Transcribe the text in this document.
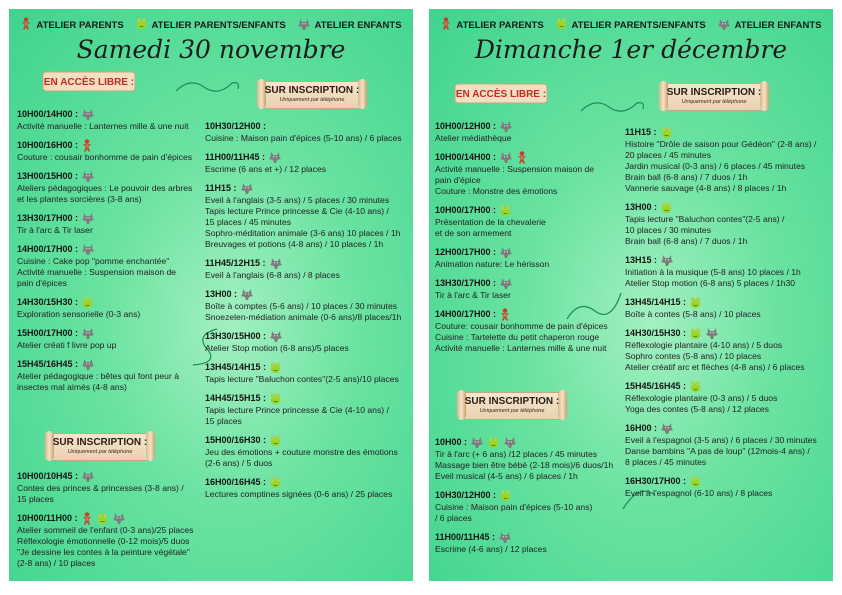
ATELIER PARENTS	ATELIER PARENTS/ENFANTS	ATELIER ENFANTS
Samedi 30 novembre
EN ACCÈS LIBRE :
SUR INSCRIPTION :
Uniquement par téléphone
SUR INSCRIPTION :
Uniquement par téléphone
10H00/14H00 :
Activité manuelle : Lanternes mille & une nuit
10H00/16H00 :
Couture : cousair bonhomme de pain d'épices
13H00/15H00 :
Ateliers pédagogiques : Le pouvoir des arbres
et les plantes sorcières (3-8 ans)
13H30/17H00 :
Tir à l'arc & Tir laser
14H00/17H00 :
Cuisine : Cake pop "pomme enchantée"
Activité manuelle : Suspension maison de
pain d'épices
14H30/15H30 :
Exploration sensorielle (0-3 ans)
15H00/17H00 :
Atelier créati f livre pop up
15H45/16H45 :
Atelier pédagogique : bêtes qui font peur à
insectes mal aimés (4-8 ans)
10H00/10H45 :
Contes des princes & princesses (3-8 ans) /
15 places
10H00/11H00 :
Atelier sommeil de l'enfant (0-3 ans)/25 places
Réflexologie émotionnelle (0-12 mois)/5 duos
"Je dessine les contes à la peinture végétale"
(2-8 ans) / 10 places
10H30/12H00 :
Cuisine : Maison pain d'épices (5-10 ans) / 6 places
11H00/11H45 :
Escrime (6 ans et +) / 12 places
11H15 :
Eveil à l'anglais (3-5 ans) / 5 places / 30 minutes
Tapis lecture Prince princesse & Cie (4-10 ans) /
15 places / 45 minutes
Sophro-méditation animale (3-6 ans) 10 places / 1h
Breuvages et potions (4-8 ans) / 10 places / 1h
11H45/12H15 :
Eveil à l'anglais (6-8 ans) / 8 places
13H00 :
Boîte à comptes (5-6 ans) / 10 places / 30 minutes
Snoezelen-médiation animale (0-6 ans)/8 places/1h
13H30/15H00 :
Atelier Stop motion (6-8 ans)/5 places
13H45/14H15 :
Tapis lecture "Baluchon contes"(2-5 ans)/10 places
14H45/15H15 :
Tapis lecture Prince princesse & Cie (4-10 ans) /
15 places
15H00/16H30 :
Jeu des émotions + couture monstre des émotions
(2-6 ans) / 5 duos
16H00/16H45 :
Lectures comptines signées (0-6 ans) / 25 places
ATELIER PARENTS	ATELIER PARENTS/ENFANTS	ATELIER ENFANTS
Dimanche 1er décembre
EN ACCÈS LIBRE :	SUR INSCRIPTION :
Uniquement par téléphone
SUR INSCRIPTION :
Uniquement par téléphone
10H00/12H00 :
Atelier médiathèque
10H00/14H00 :
Activité manuelle : Suspension maison de
pain d'épice
Couture : Monstre des émotions
10H00/17H00 :
Présentation de la chevalerie
et de son armement
12H00/17H00 :
Animation nature: Le hérisson
13H30/17H00 :
Tir à l'arc & Tir laser
14H00/17H00 :
Couture: cousair bonhomme de pain d'épices
Cuisine : Tartelette du petit chaperon rouge
Activité manuelle : Lanternes mille & une nuit
10H00 :
Tir à l'arc (+ 6 ans) /12 places / 45 minutes
Massage bien être bébé (2-18 mois)/6 duos/1h
Eveil musical (4-5 ans) / 6 places / 1h
10H30/12H00 :
Cuisine : Maison pain d'épices (5-10 ans)
/ 6 places
11H00/11H45 :
Escrime (4-6 ans) / 12 places
11H15 :
Histoire "Drôle de saison pour Gédéon" (2-8 ans) /
20 places / 45 minutes
Jardin musical (0-3 ans) / 6 places / 45 minutes
Brain ball (6-8 ans) / 7 duos / 1h
Vannerie sauvage (4-8 ans) / 8 places / 1h
13H00 :
Tapis lecture "Baluchon contes"(2-5 ans) /
10 places / 30 minutes
Brain ball (6-8 ans) / 7 duos / 1h
13H15 :
Initiation à la musique (5-8 ans) 10 places / 1h
Atelier Stop motion (6-8 ans) 5 places / 1h30
13H45/14H15 :
Boîte à contes (5-8 ans) / 10 places
14H30/15H30 :
Réflexologie plantaire (4-10 ans) / 5 duos
Sophro contes (5-8 ans) / 10 places
Atelier créatif arc et flèches (4-8 ans) / 6 places
15H45/16H45 :
Réflexologie plantaire (0-3 ans) / 5 duos
Yoga des contes (5-8 ans) / 12 places
16H00 :
Eveil à l'espagnol (3-5 ans) / 6 places / 30 minutes
Danse bambins "A pas de loup" (12mois-4 ans) /
8 places / 45 minutes
16H30/17H00 :
Eveil à l'espagnol (6-10 ans) / 8 places
